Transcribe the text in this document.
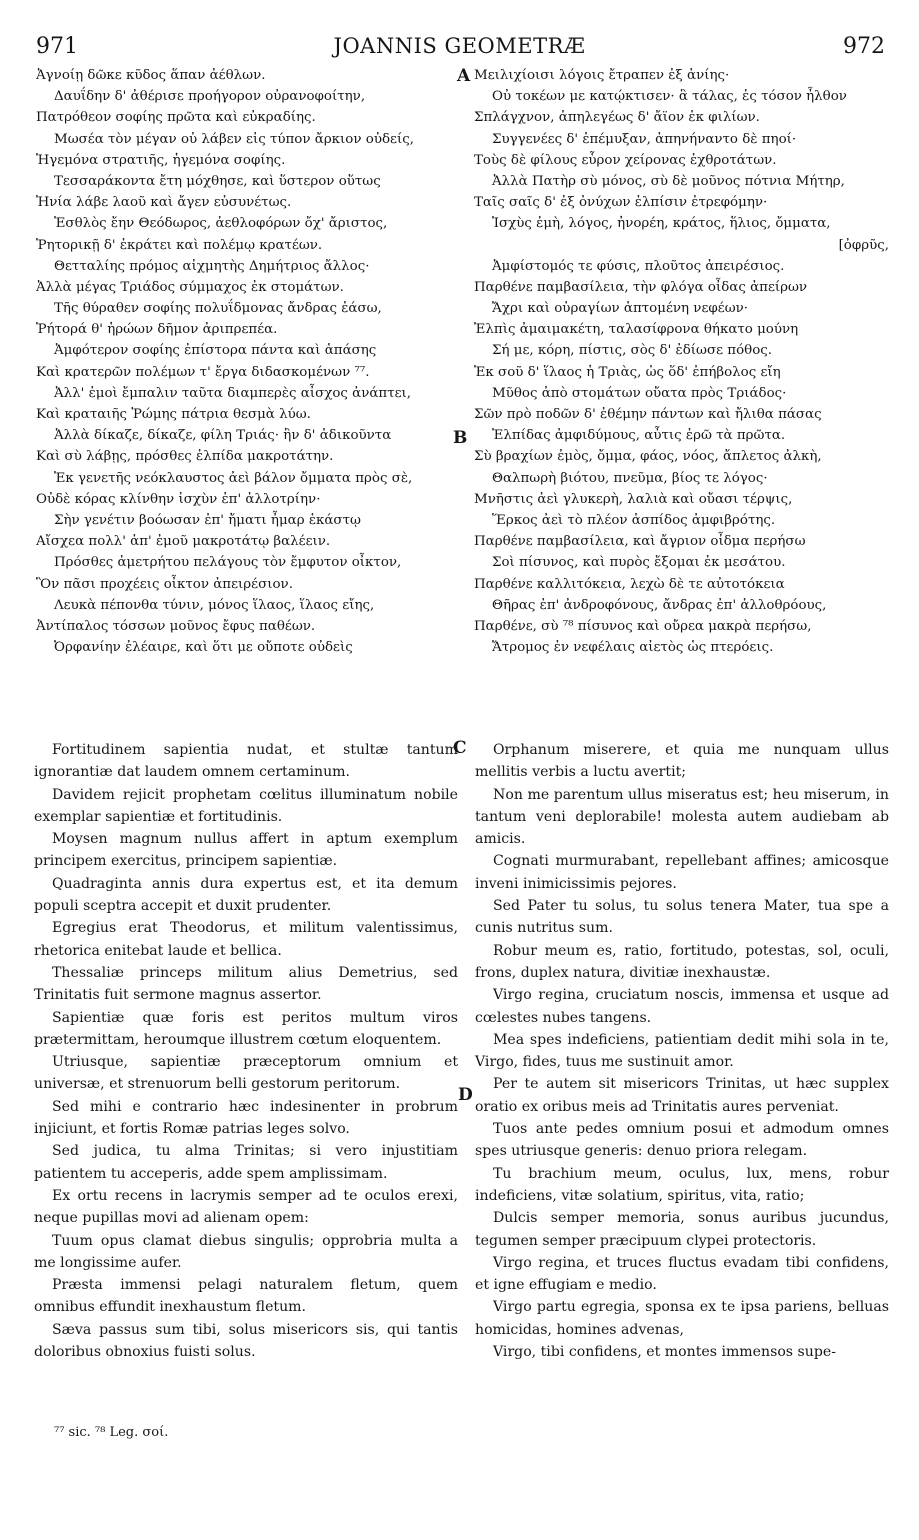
971	JOANNIS GEOMETRÆ	972
A
B
C
D
Ἀγνοίῃ δῶκε κῦδος ἅπαν ἀέθλων.
Δαυΐδην δ' ἀθέρισε προήγορον οὐρανοφοίτην,
Πατρόθεον σοφίης πρῶτα καὶ εὐκραδίης.
Μωσέα τὸν μέγαν οὐ λάβεν εἰς τύπον ἄρκιον οὐδείς,
Ἡγεμόνα στρατιῆς, ἡγεμόνα σοφίης.
Τεσσαράκοντα ἔτη μόχθησε, καὶ ὕστερον οὕτως
Ἡνία λάβε λαοῦ καὶ ἄγεν εὐσυνέτως.
Ἐσθλὸς ἔην Θεόδωρος, ἀεθλοφόρων ὄχ' ἄριστος,
Ῥητορικῇ δ' ἐκράτει καὶ πολέμῳ κρατέων.
Θετταλίης πρόμος αἰχμητὴς Δημήτριος ἄλλος·
Ἀλλὰ μέγας Τριάδος σύμμαχος ἐκ στομάτων.
Τῆς θύραθεν σοφίης πολυΐδμονας ἄνδρας ἐάσω,
Ῥήτορά θ' ἡρώων δῆμον ἀριπρεπέα.
Ἀμφότερον σοφίης ἐπίστορα πάντα καὶ ἁπάσης
Καὶ κρατερῶν πολέμων τ' ἔργα διδασκομένων ⁷⁷.
Ἀλλ' ἐμοὶ ἔμπαλιν ταῦτα διαμπερὲς αἶσχος ἀνάπτει,
Καὶ κραταιῆς Ῥώμης πάτρια θεσμὰ λύω.
Ἀλλὰ δίκαζε, δίκαζε, φίλη Τριάς· ἢν δ' ἀδικοῦντα
Καὶ σὺ λάβῃς, πρόσθες ἐλπίδα μακροτάτην.
Ἐκ γενετῆς νεόκλαυστος ἀεὶ βάλον ὄμματα πρὸς σὲ,
Οὐδὲ κόρας κλίνθην ἰσχὺν ἐπ' ἀλλοτρίην·
Σὴν γενέτιν βοόωσαν ἐπ' ἤματι ἦμαρ ἑκάστῳ
Αἴσχεα πολλ' ἀπ' ἐμοῦ μακροτάτῳ βαλέειν.
Πρόσθες ἀμετρήτου πελάγους τὸν ἔμφυτον οἶκτον,
Ὃν πᾶσι προχέεις οἶκτον ἀπειρέσιον.
Λευκὰ πέπονθα τύνιν, μόνος ἵλαος, ἵλαος εἴης,
Ἀντίπαλος τόσσων μοῦνος ἔφυς παθέων.
Ὀρφανίην ἐλέαιρε, καὶ ὅτι με οὔποτε οὐδεὶς
Μειλιχίοισι λόγοις ἔτραπεν ἐξ ἀνίης·
Οὐ τοκέων με κατῴκτισεν· ἃ τάλας, ἐς τόσον ἦλθον
Σπλάγχνον, ἀπηλεγέως δ' ἄϊον ἐκ φιλίων.
Συγγενέες δ' ἐπέμυξαν, ἀπηνήναντο δὲ πηοί·
Τοὺς δὲ φίλους εὗρον χείρονας ἐχθροτάτων.
Ἀλλὰ Πατὴρ σὺ μόνος, σὺ δὲ μοῦνος πότνια Μήτηρ,
Ταῖς σαῖς δ' ἐξ ὀνύχων ἐλπίσιν ἐτρεφόμην·
Ἰσχὺς ἐμὴ, λόγος, ἠνορέη, κράτος, ἥλιος, ὄμματα,
[ὀφρῦς,
Ἀμφίστομός τε φύσις, πλοῦτος ἀπειρέσιος.
Παρθένε παμβασίλεια, τὴν φλόγα οἶδας ἀπείρων
Ἄχρι καὶ οὐραγίων ἁπτομένη νεφέων·
Ἐλπὶς ἀμαιμακέτη, ταλασίφρονα θήκατο μούνη
Σή με, κόρη, πίστις, σὸς δ' ἐδίωσε πόθος.
Ἐκ σοῦ δ' ἵλαος ἡ Τριὰς, ὡς ὅδ' ἐπήβολος εἴη
Μῦθος ἀπὸ στομάτων οὔατα πρὸς Τριάδος·
Σῶν πρὸ ποδῶν δ' ἐθέμην πάντων καὶ ἤλιθα πάσας
Ἐλπίδας ἀμφιδύμους, αὖτις ἐρῶ τὰ πρῶτα.
Σὺ βραχίων ἐμὸς, ὄμμα, φάος, νόος, ἄπλετος ἀλκὴ,
Θαλπωρὴ βιότου, πνεῦμα, βίος τε λόγος·
Μνῆστις ἀεὶ γλυκερὴ, λαλιὰ καὶ οὔασι τέρψις,
Ἕρκος ἀεὶ τὸ πλέον ἀσπίδος ἀμφιβρότης.
Παρθένε παμβασίλεια, καὶ ἄγριον οἶδμα περήσω
Σοὶ πίσυνος, καὶ πυρὸς ἔξομαι ἐκ μεσάτου.
Παρθένε καλλιτόκεια, λεχὼ δὲ τε αὐτοτόκεια
Θῆρας ἐπ' ἀνδροφόνους, ἄνδρας ἐπ' ἀλλοθρόους,
Παρθένε, σὺ ⁷⁸ πίσυνος καὶ οὔρεα μακρὰ περήσω,
Ἄτρομος ἐν νεφέλαις αἰετὸς ὡς πτερόεις.
Fortitudinem sapientia nudat, et stultæ tantum ignorantiæ dat laudem omnem certaminum.
Davidem rejicit prophetam cœlitus illuminatum nobile exemplar sapientiæ et fortitudinis.
Moysen magnum nullus affert in aptum exemplum principem exercitus, principem sapientiæ.
Quadraginta annis dura expertus est, et ita demum populi sceptra accepit et duxit prudenter.
Egregius erat Theodorus, et militum valentissimus, rhetorica enitebat laude et bellica.
Thessaliæ princeps militum alius Demetrius, sed Trinitatis fuit sermone magnus assertor.
Sapientiæ quæ foris est peritos multum viros prætermittam, heroumque illustrem cœtum eloquentem.
Utriusque, sapientiæ præceptorum omnium et universæ, et strenuorum belli gestorum peritorum.
Sed mihi e contrario hæc indesinenter in probrum injiciunt, et fortis Romæ patrias leges solvo.
Sed judica, tu alma Trinitas; si vero injustitiam patientem tu acceperis, adde spem amplissimam.
Ex ortu recens in lacrymis semper ad te oculos erexi, neque pupillas movi ad alienam opem:
Tuum opus clamat diebus singulis; opprobria multa a me longissime aufer.
Præsta immensi pelagi naturalem fletum, quem omnibus effundit inexhaustum fletum.
Sæva passus sum tibi, solus misericors sis, qui tantis doloribus obnoxius fuisti solus.
Orphanum miserere, et quia me nunquam ullus mellitis verbis a luctu avertit;
Non me parentum ullus miseratus est; heu miserum, in tantum veni deplorabile! molesta autem audiebam ab amicis.
Cognati murmurabant, repellebant affines; amicosque inveni inimicissimis pejores.
Sed Pater tu solus, tu solus tenera Mater, tua spe a cunis nutritus sum.
Robur meum es, ratio, fortitudo, potestas, sol, oculi, frons, duplex natura, divitiæ inexhaustæ.
Virgo regina, cruciatum noscis, immensa et usque ad cœlestes nubes tangens.
Mea spes indeficiens, patientiam dedit mihi sola in te, Virgo, fides, tuus me sustinuit amor.
Per te autem sit misericors Trinitas, ut hæc supplex oratio ex oribus meis ad Trinitatis aures perveniat.
Tuos ante pedes omnium posui et admodum omnes spes utriusque generis: denuo priora relegam.
Tu brachium meum, oculus, lux, mens, robur indeficiens, vitæ solatium, spiritus, vita, ratio;
Dulcis semper memoria, sonus auribus jucundus, tegumen semper præcipuum clypei protectoris.
Virgo regina, et truces fluctus evadam tibi confidens, et igne effugiam e medio.
Virgo partu egregia, sponsa ex te ipsa pariens, belluas homicidas, homines advenas,
Virgo, tibi confidens, et montes immensos supe-
⁷⁷ sic. ⁷⁸ Leg. σοί.
